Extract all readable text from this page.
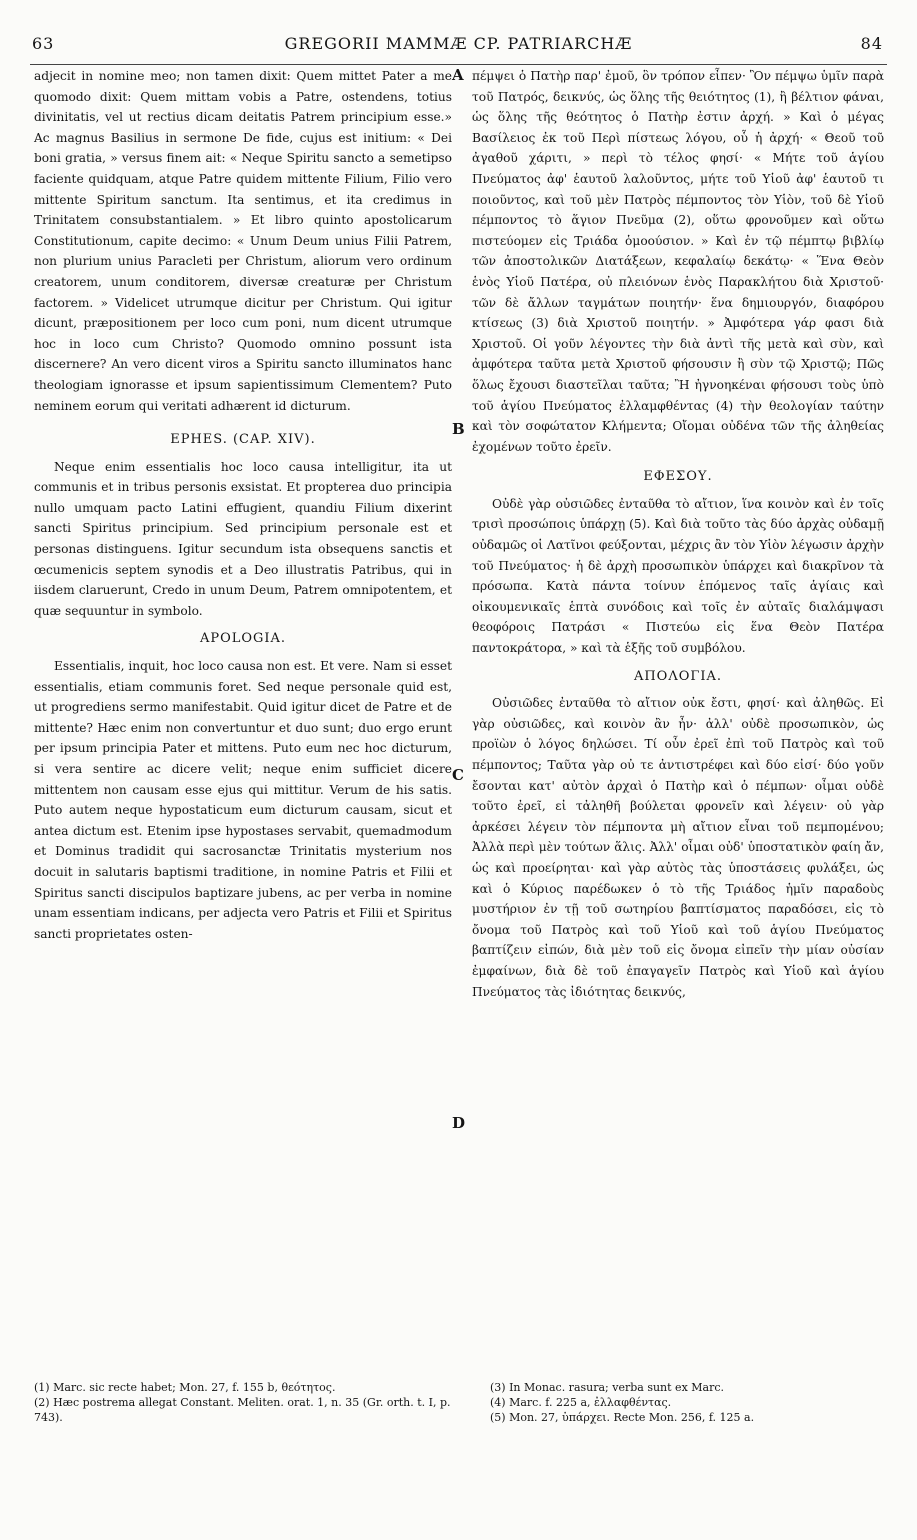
63	GREGORII MAMMÆ CP. PATRIARCHÆ	84

adjecit in nomine meo; non tamen dixit: Quem mittet Pater a me quomodo dixit: Quem mittam vobis a Patre, ostendens, totius divinitatis, vel ut rectius dicam deitatis Patrem principium esse.» Ac magnus Basilius in sermone De fide, cujus est initium: « Dei boni gratia, » versus finem ait: « Neque Spiritu sancto a semetipso faciente quidquam, atque Patre quidem mittente Filium, Filio vero mittente Spiritum sanctum. Ita sentimus, et ita credimus in Trinitatem consubstantialem. » Et libro quinto apostolicarum Constitutionum, capite decimo: « Unum Deum unius Filii Patrem, non plurium unius Paracleti per Christum, aliorum vero ordinum creatorem, unum conditorem, diversæ creaturæ per Christum factorem. » Videlicet utrumque dicitur per Christum. Qui igitur dicunt, præpositionem per loco cum poni, num dicent utrumque hoc in loco cum Christo? Quomodo omnino possunt ista discernere? An vero dicent viros a Spiritu sancto illuminatos hanc theologiam ignorasse et ipsum sapientissimum Clementem? Puto neminem eorum qui veritati adhærent id dicturum.

EPHES. (CAP. XIV).

Neque enim essentialis hoc loco causa intelligitur, ita ut communis et in tribus personis exsistat. Et propterea duo principia nullo umquam pacto Latini effugient, quandiu Filium dixerint sancti Spiritus principium. Sed principium personale est et personas distinguens. Igitur secundum ista obsequens sanctis et œcumenicis septem synodis et a Deo illustratis Patribus, qui in iisdem claruerunt, Credo in unum Deum, Patrem omnipotentem, et quæ sequuntur in symbolo.

APOLOGIA.

Essentialis, inquit, hoc loco causa non est. Et vere. Nam si esset essentialis, etiam communis foret. Sed neque personale quid est, ut progrediens sermo manifestabit. Quid igitur dicet de Patre et de mittente? Hæc enim non convertuntur et duo sunt; duo ergo erunt per ipsum principia Pater et mittens. Puto eum nec hoc dicturum, si vera sentire ac dicere velit; neque enim sufficiet dicere mittentem non causam esse ejus qui mittitur. Verum de his satis. Puto autem neque hypostaticum eum dicturum causam, sicut et antea dictum est. Etenim ipse hypostases servabit, quemadmodum et Dominus tradidit qui sacrosanctæ Trinitatis mysterium nos docuit in salutaris baptismi traditione, in nomine Patris et Filii et Spiritus sancti discipulos baptizare jubens, ac per verba in nomine unam essentiam indicans, per adjecta vero Patris et Filii et Spiritus sancti proprietates osten-

πέμψει ὁ Πατὴρ παρ' ἐμοῦ, ὃν τρόπον εἶπεν· Ὃν πέμψω ὑμῖν παρὰ τοῦ Πατρός, δεικνύς, ὡς ὅλης τῆς θειότητος (1), ἢ βέλτιον φάναι, ὡς ὅλης τῆς θεότητος ὁ Πατὴρ ἐστιν ἀρχή. » Καὶ ὁ μέγας Βασίλειος ἐκ τοῦ Περὶ πίστεως λόγου, οὗ ἡ ἀρχή· « Θεοῦ τοῦ ἀγαθοῦ χάριτι, » περὶ τὸ τέλος φησί· « Μήτε τοῦ ἁγίου Πνεύματος ἀφ' ἑαυτοῦ λαλοῦντος, μήτε τοῦ Υἱοῦ ἀφ' ἑαυτοῦ τι ποιοῦντος, καὶ τοῦ μὲν Πατρὸς πέμποντος τὸν Υἱὸν, τοῦ δὲ Υἱοῦ πέμποντος τὸ ἅγιον Πνεῦμα (2), οὕτω φρονοῦμεν καὶ οὕτω πιστεύομεν εἰς Τριάδα ὁμοούσιον. » Καὶ ἐν τῷ πέμπτῳ βιβλίῳ τῶν ἀποστολικῶν Διατάξεων, κεφαλαίῳ δεκάτῳ· « Ἕνα Θεὸν ἑνὸς Υἱοῦ Πατέρα, οὐ πλειόνων ἑνὸς Παρακλήτου διὰ Χριστοῦ· τῶν δὲ ἄλλων ταγμάτων ποιητήν· ἕνα δημιουργόν, διαφόρου κτίσεως (3) διὰ Χριστοῦ ποιητήν. » Ἀμφότερα γάρ φασι διὰ Χριστοῦ. Οἱ γοῦν λέγοντες τὴν διὰ ἀντὶ τῆς μετὰ καὶ σὺν, καὶ ἀμφότερα ταῦτα μετὰ Χριστοῦ φήσουσιν ἢ σὺν τῷ Χριστῷ; Πῶς ὅλως ἔχουσι διαστεῖλαι ταῦτα; Ἢ ἠγνοηκέναι φήσουσι τοὺς ὑπὸ τοῦ ἁγίου Πνεύματος ἐλλαμφθέντας (4) τὴν θεολογίαν ταύτην καὶ τὸν σοφώτατον Κλήμεντα; Οἴομαι οὐδένα τῶν τῆς ἀληθείας ἐχομένων τοῦτο ἐρεῖν.

ΕΦΕΣΟΥ.

Οὐδὲ γὰρ οὐσιῶδες ἐνταῦθα τὸ αἴτιον, ἵνα κοινὸν καὶ ἐν τοῖς τρισὶ προσώποις ὑπάρχῃ (5). Καὶ διὰ τοῦτο τὰς δύο ἀρχὰς οὐδαμῇ οὐδαμῶς οἱ Λατῖνοι φεύξονται, μέχρις ἂν τὸν Υἱὸν λέγωσιν ἀρχὴν τοῦ Πνεύματος· ἡ δὲ ἀρχὴ προσωπικὸν ὑπάρχει καὶ διακρῖνον τὰ πρόσωπα. Κατὰ πάντα τοίνυν ἑπόμενος ταῖς ἁγίαις καὶ οἰκουμενικαῖς ἑπτὰ συνόδοις καὶ τοῖς ἐν αὐταῖς διαλάμψασι θεοφόροις Πατράσι « Πιστεύω εἰς ἕνα Θεὸν Πατέρα παντοκράτορα, » καὶ τὰ ἑξῆς τοῦ συμβόλου.

ΑΠΟΛΟΓΙΑ.

Οὐσιῶδες ἐνταῦθα τὸ αἴτιον οὐκ ἔστι, φησί· καὶ ἀληθῶς. Εἰ γὰρ οὐσιῶδες, καὶ κοινὸν ἂν ἦν· ἀλλ' οὐδὲ προσωπικὸν, ὡς προϊὼν ὁ λόγος δηλώσει. Τί οὖν ἐρεῖ ἐπὶ τοῦ Πατρὸς καὶ τοῦ πέμποντος; Ταῦτα γὰρ οὐ τε ἀντιστρέφει καὶ δύο εἰσί· δύο γοῦν ἔσονται κατ' αὐτὸν ἀρχαὶ ὁ Πατὴρ καὶ ὁ πέμπων· οἶμαι οὐδὲ τοῦτο ἐρεῖ, εἰ τἀληθῆ βούλεται φρονεῖν καὶ λέγειν· οὐ γὰρ ἀρκέσει λέγειν τὸν πέμποντα μὴ αἴτιον εἶναι τοῦ πεμπομένου; Ἀλλὰ περὶ μὲν τούτων ἅλις. Ἀλλ' οἶμαι οὐδ' ὑποστατικὸν φαίη ἄν, ὡς καὶ προείρηται· καὶ γὰρ αὐτὸς τὰς ὑποστάσεις φυλάξει, ὡς καὶ ὁ Κύριος παρέδωκεν ὁ τὸ τῆς Τριάδος ἡμῖν παραδοὺς μυστήριον ἐν τῇ τοῦ σωτηρίου βαπτίσματος παραδόσει, εἰς τὸ ὄνομα τοῦ Πατρὸς καὶ τοῦ Υἱοῦ καὶ τοῦ ἁγίου Πνεύματος βαπτίζειν εἰπών, διὰ μὲν τοῦ εἰς ὄνομα εἰπεῖν τὴν μίαν οὐσίαν ἐμφαίνων, διὰ δὲ τοῦ ἐπαγαγεῖν Πατρὸς καὶ Υἱοῦ καὶ ἁγίου Πνεύματος τὰς ἰδιότητας δεικνύς,

A
B
C
D
(1) Marc. sic recte habet; Mon. 27, f. 155 b, θεότητος.
(2) Hæc postrema allegat Constant. Meliten. orat. 1, n. 35 (Gr. orth. t. I, p. 743).
(3) In Monac. rasura; verba sunt ex Marc.
(4) Marc. f. 225 a, ἐλλαφθέντας.
(5) Mon. 27, ὑπάρχει. Recte Mon. 256, f. 125 a.
